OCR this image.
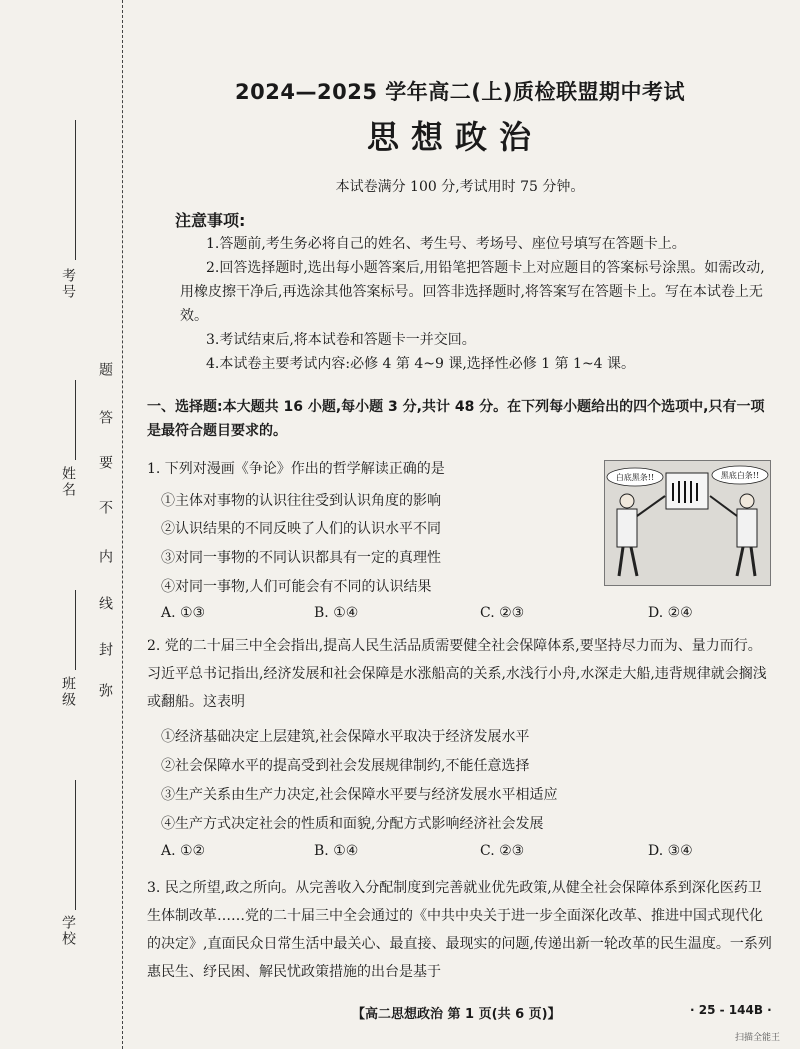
考号
姓名
班级
学校
弥
封
线
内
不
要
答
题
2024—2025 学年高二(上)质检联盟期中考试
思想政治
本试卷满分 100 分,考试用时 75 分钟。
注意事项:

1.答题前,考生务必将自己的姓名、考生号、考场号、座位号填写在答题卡上。

2.回答选择题时,选出每小题答案后,用铅笔把答题卡上对应题目的答案标号涂黑。如需改动,用橡皮擦干净后,再选涂其他答案标号。回答非选择题时,将答案写在答题卡上。写在本试卷上无效。

3.考试结束后,将本试卷和答题卡一并交回。

4.本试卷主要考试内容:必修 4 第 4~9 课,选择性必修 1 第 1~4 课。

一、选择题:本大题共 16 小题,每小题 3 分,共计 48 分。在下列每小题给出的四个选项中,只有一项是最符合题目要求的。
1. 下列对漫画《争论》作出的哲学解读正确的是
①主体对事物的认识往往受到认识角度的影响
②认识结果的不同反映了人们的认识水平不同
③对同一事物的不同认识都具有一定的真理性
④对同一事物,人们可能会有不同的认识结果
A. ①③	B. ①④	C. ②③	D. ②④
白底黑条!!	黑底白条!!
2. 党的二十届三中全会指出,提高人民生活品质需要健全社会保障体系,要坚持尽力而为、量力而行。习近平总书记指出,经济发展和社会保障是水涨船高的关系,水浅行小舟,水深走大船,违背规律就会搁浅或翻船。这表明
①经济基础决定上层建筑,社会保障水平取决于经济发展水平
②社会保障水平的提高受到社会发展规律制约,不能任意选择
③生产关系由生产力决定,社会保障水平要与经济发展水平相适应
④生产方式决定社会的性质和面貌,分配方式影响经济社会发展
A. ①②	B. ①④	C. ②③	D. ③④
3. 民之所望,政之所向。从完善收入分配制度到完善就业优先政策,从健全社会保障体系到深化医药卫生体制改革……党的二十届三中全会通过的《中共中央关于进一步全面深化改革、推进中国式现代化的决定》,直面民众日常生活中最关心、最直接、最现实的问题,传递出新一轮改革的民生温度。一系列惠民生、纾民困、解民忧政策措施的出台是基于
【高二思想政治 第 1 页(共 6 页)】	· 25 - 144B ·
扫描全能王
